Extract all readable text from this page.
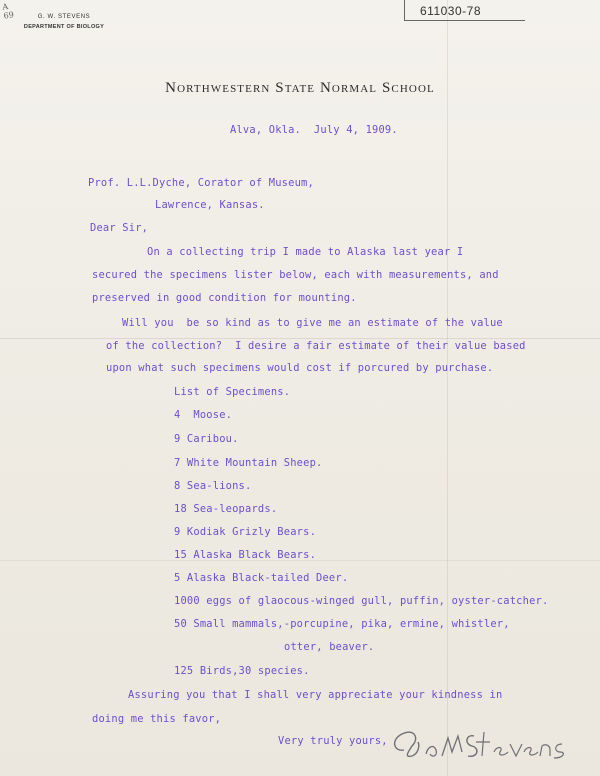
A
69	G. W. STEVENS
DEPARTMENT OF BIOLOGY
611030-78
Northwestern State Normal School
Alva, Okla.  July 4, 1909.
Prof. L.L.Dyche, Corator of Museum,
Lawrence, Kansas.
Dear Sir,
On a collecting trip I made to Alaska last year I
secured the specimens lister below, each with measurements, and
preserved in good condition for mounting.
Will you  be so kind as to give me an estimate of the value
of the collection?  I desire a fair estimate of their value based
upon what such specimens would cost if porcured by purchase.
List of Specimens.
4  Moose.
9 Caribou.
7 White Mountain Sheep.
8 Sea-lions.
18 Sea-leopards.
9 Kodiak Grizly Bears.
15 Alaska Black Bears.
5 Alaska Black-tailed Deer.
1000 eggs of glaocous-winged gull, puffin, oyster-catcher.
50 Small mammals,-porcupine, pika, ermine, whistler,
otter, beaver.
125 Birds,30 species.
Assuring you that I shall very appreciate your kindness in
doing me this favor,
Very truly yours,
